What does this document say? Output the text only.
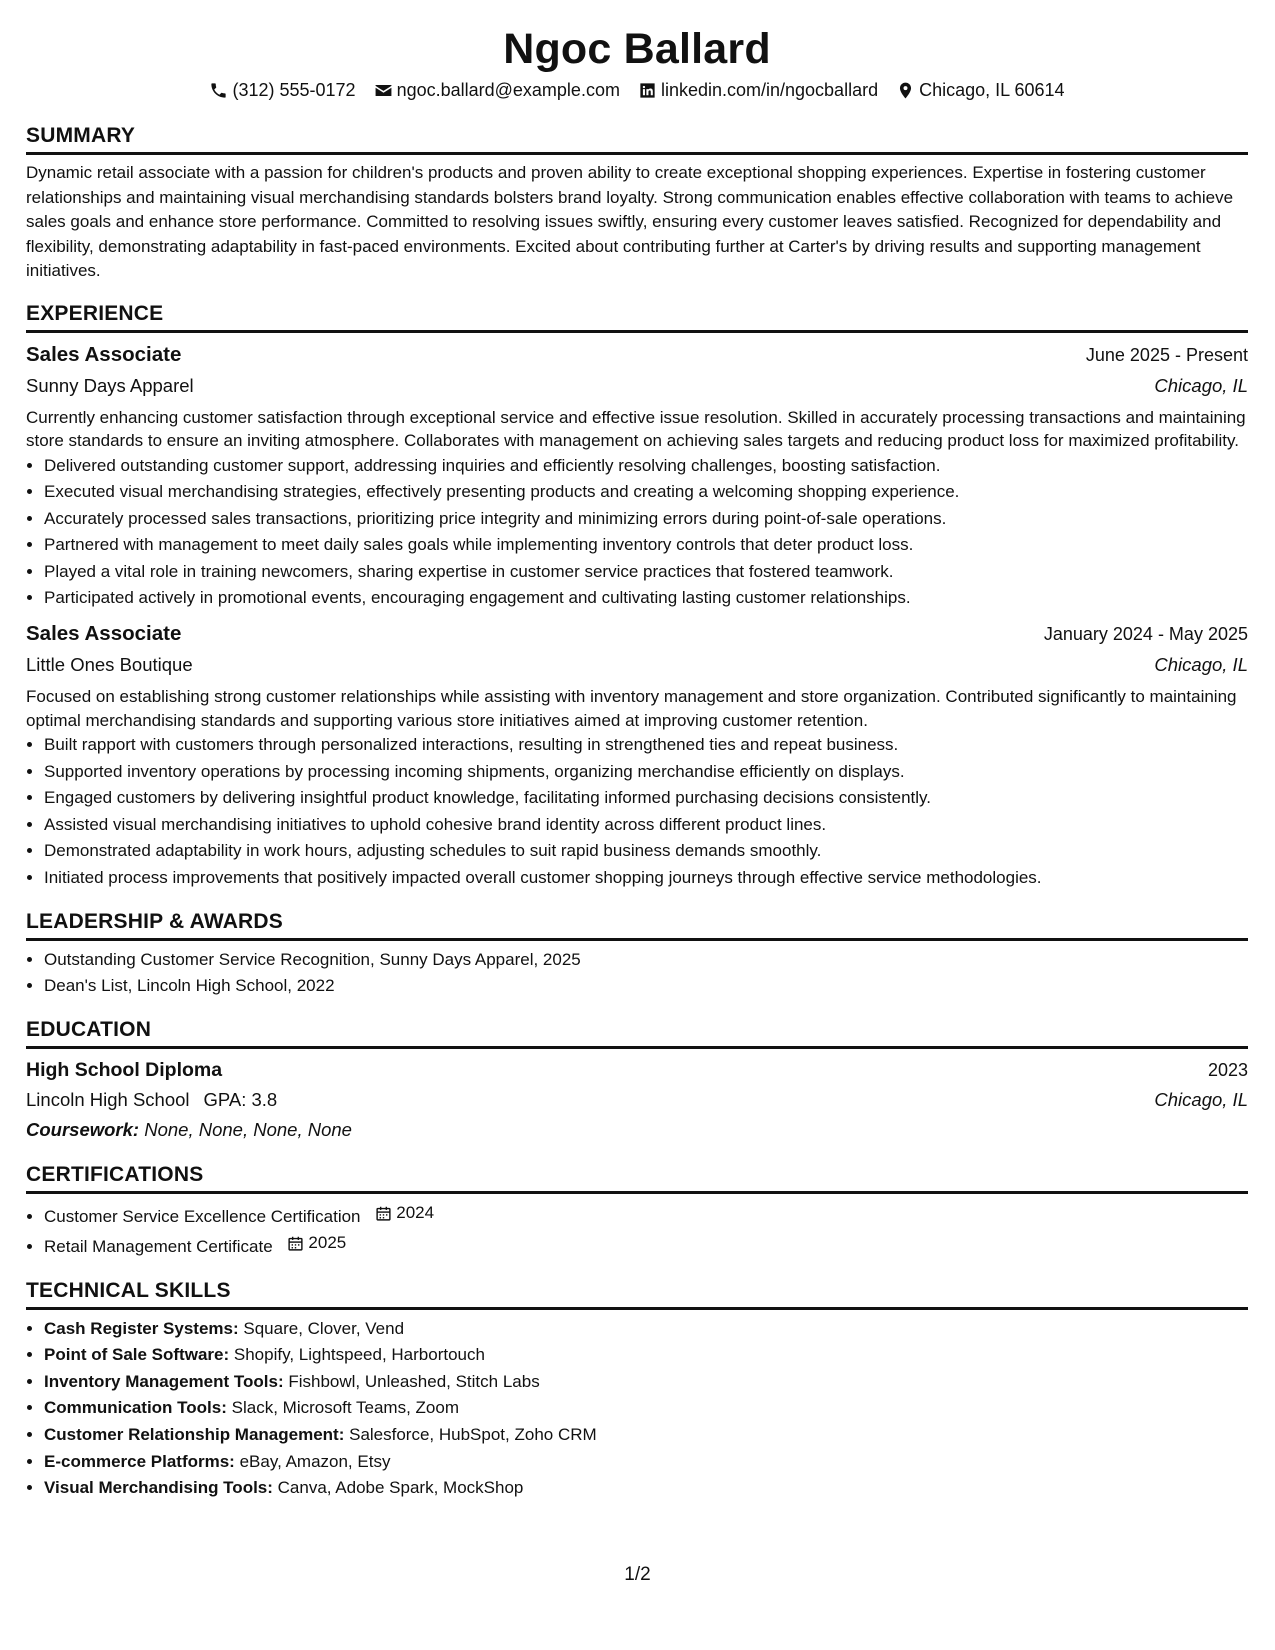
Ngoc Ballard
(312) 555-0172 ngoc.ballard@example.com linkedin.com/in/ngocballard Chicago, IL 60614
SUMMARY

Dynamic retail associate with a passion for children's products and proven ability to create exceptional shopping experiences. Expertise in fostering customer relationships and maintaining visual merchandising standards bolsters brand loyalty. Strong communication enables effective collaboration with teams to achieve sales goals and enhance store performance. Committed to resolving issues swiftly, ensuring every customer leaves satisfied. Recognized for dependability and flexibility, demonstrating adaptability in fast-paced environments. Excited about contributing further at Carter's by driving results and supporting management initiatives.

EXPERIENCE
Sales Associate	June 2025 - Present
Sunny Days Apparel	Chicago, IL

Currently enhancing customer satisfaction through exceptional service and effective issue resolution. Skilled in accurately processing transactions and maintaining store standards to ensure an inviting atmosphere. Collaborates with management on achieving sales targets and reducing product loss for maximized profitability.

• Delivered outstanding customer support, addressing inquiries and efficiently resolving challenges, boosting satisfaction.
• Executed visual merchandising strategies, effectively presenting products and creating a welcoming shopping experience.
• Accurately processed sales transactions, prioritizing price integrity and minimizing errors during point-of-sale operations.
• Partnered with management to meet daily sales goals while implementing inventory controls that deter product loss.
• Played a vital role in training newcomers, sharing expertise in customer service practices that fostered teamwork.
• Participated actively in promotional events, encouraging engagement and cultivating lasting customer relationships.
Sales Associate	January 2024 - May 2025
Little Ones Boutique	Chicago, IL

Focused on establishing strong customer relationships while assisting with inventory management and store organization. Contributed significantly to maintaining optimal merchandising standards and supporting various store initiatives aimed at improving customer retention.

• Built rapport with customers through personalized interactions, resulting in strengthened ties and repeat business.
• Supported inventory operations by processing incoming shipments, organizing merchandise efficiently on displays.
• Engaged customers by delivering insightful product knowledge, facilitating informed purchasing decisions consistently.
• Assisted visual merchandising initiatives to uphold cohesive brand identity across different product lines.
• Demonstrated adaptability in work hours, adjusting schedules to suit rapid business demands smoothly.
• Initiated process improvements that positively impacted overall customer shopping journeys through effective service methodologies.
LEADERSHIP & AWARDS
• Outstanding Customer Service Recognition, Sunny Days Apparel, 2025
• Dean's List, Lincoln High School, 2022
EDUCATION
High School Diploma	2023
Lincoln High School GPA: 3.8	Chicago, IL
Coursework: None, None, None, None
CERTIFICATIONS
• Customer Service Excellence Certification 2024
• Retail Management Certificate 2025
TECHNICAL SKILLS
• Cash Register Systems: Square, Clover, Vend
• Point of Sale Software: Shopify, Lightspeed, Harbortouch
• Inventory Management Tools: Fishbowl, Unleashed, Stitch Labs
• Communication Tools: Slack, Microsoft Teams, Zoom
• Customer Relationship Management: Salesforce, HubSpot, Zoho CRM
• E-commerce Platforms: eBay, Amazon, Etsy
• Visual Merchandising Tools: Canva, Adobe Spark, MockShop
1/2
